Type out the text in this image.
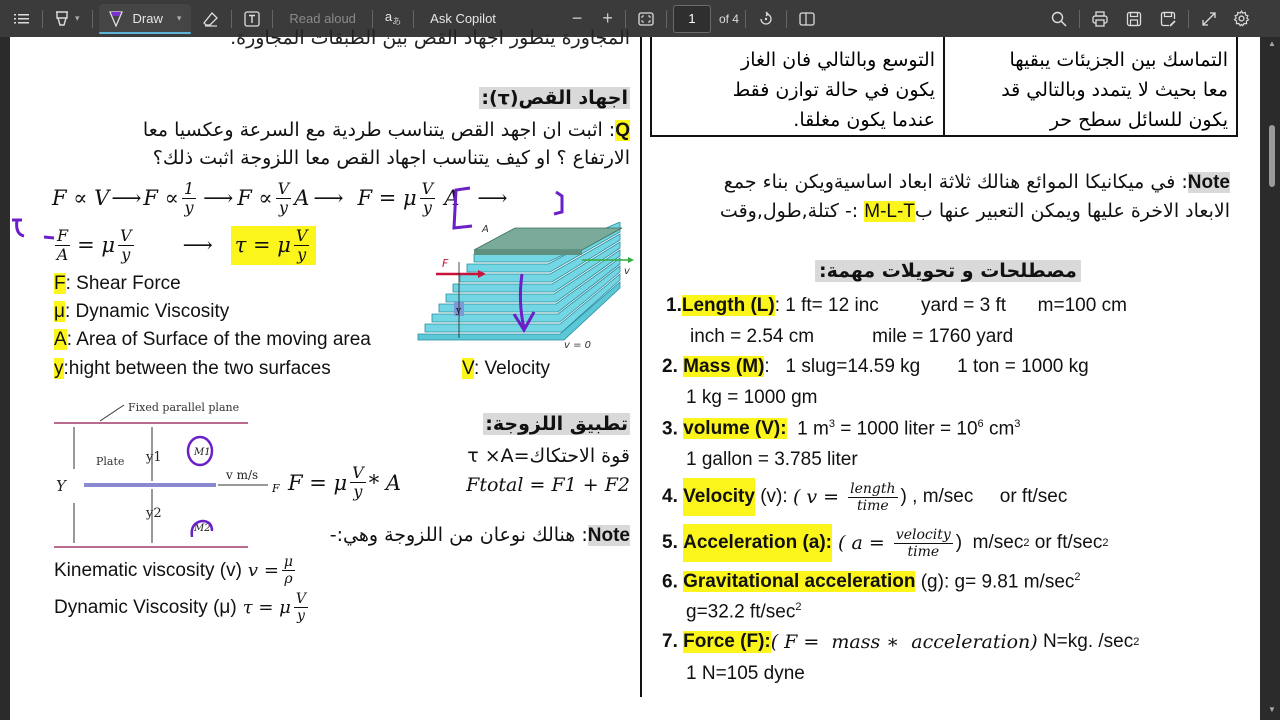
▾	Draw ▾	Read aloud	$a_あ$	Ask Copilot	−	+	1	of 4
المجاورة يتطور اجهاد القص بين الطبقات المجاورة.
اجهاد القص(τ):
Q: اثبت ان اجهد القص يتناسب طردية مع السرعة وعكسيا معا
الارتفاع ؟ او كيف يتناسب اجهاد القص معا اللزوجة اثبت ذلك؟
F ∝ V ⟶ $F \propto \frac{1}{y}$ ⟶ $F \propto \frac{V}{y}$ A ⟶ F = μ $\frac{V}{y}$ A ⟶
$\frac{F}{A} = \mu \frac{V}{y}$ ⟶ τ = μ $\frac{V}{y}$
F: Shear Force
μ: Dynamic Viscosity
A: Area of Surface of the moving area
y:hight between the two surfaces	V: Velocity
F
A
v
v = 0
y
Fixed parallel plane
v m/s
Plate
Y
y1
y2
M1
M2
F F = μ $\frac{V}{y}$ * A
تطبيق اللزوجة:
قوة الاحتكاك=τ ×A
Ftotal = F1 + F2
Note: هنالك نوعان من اللزوجة وهي:-
Kinematic viscosity (v) $v = \frac{\mu}{\rho}$
Dynamic Viscosity (μ) τ = μ $\frac{V}{y}$
التوسع وبالتالي فان الغاز
يكون في حالة توازن فقط
عندما يكون مغلقا.
التماسك بين الجزيئات يبقيها
معا بحيث لا يتمدد وبالتالي قد
يكون للسائل سطح حر
Note: في ميكانيكا الموائع هنالك ثلاثة ابعاد اساسيةويكن بناء جمع
الابعاد الاخرة عليها ويمكن التعبير عنها بM-L-T :- كتلة,طول,وقت
مصطلحات و تحويلات مهمة:
1.Length (L): 1 ft= 12 inc        yard = 3 ft      m=100 cm
inch = 2.54 cm           mile = 1760 yard
2. Mass (M):   1 slug=14.59 kg       1 ton = 1000 kg
1 kg = 1000 gm
3. volume (V):  1 $m^3 = 1000$ liter = $10^6$ $cm^3$
1 gallon = 3.785 liter
4. Velocity (v): ( $v = \frac{\text{length}}{\text{time}}$ ) , m/sec     or ft/sec
5. Acceleration (a): ( $a = \frac{\text{velocity}}{\text{time}}$ )  m/sec 2 or ft/sec 2
6. Gravitational acceleration (g): g= 9.81 $m/\sec^2$
g=32.2 $ft/\sec^2$
7. Force (F): ( F =  mass ∗  acceleration) N=kg. /sec 2
1 N=105 dyne
▲
▼
